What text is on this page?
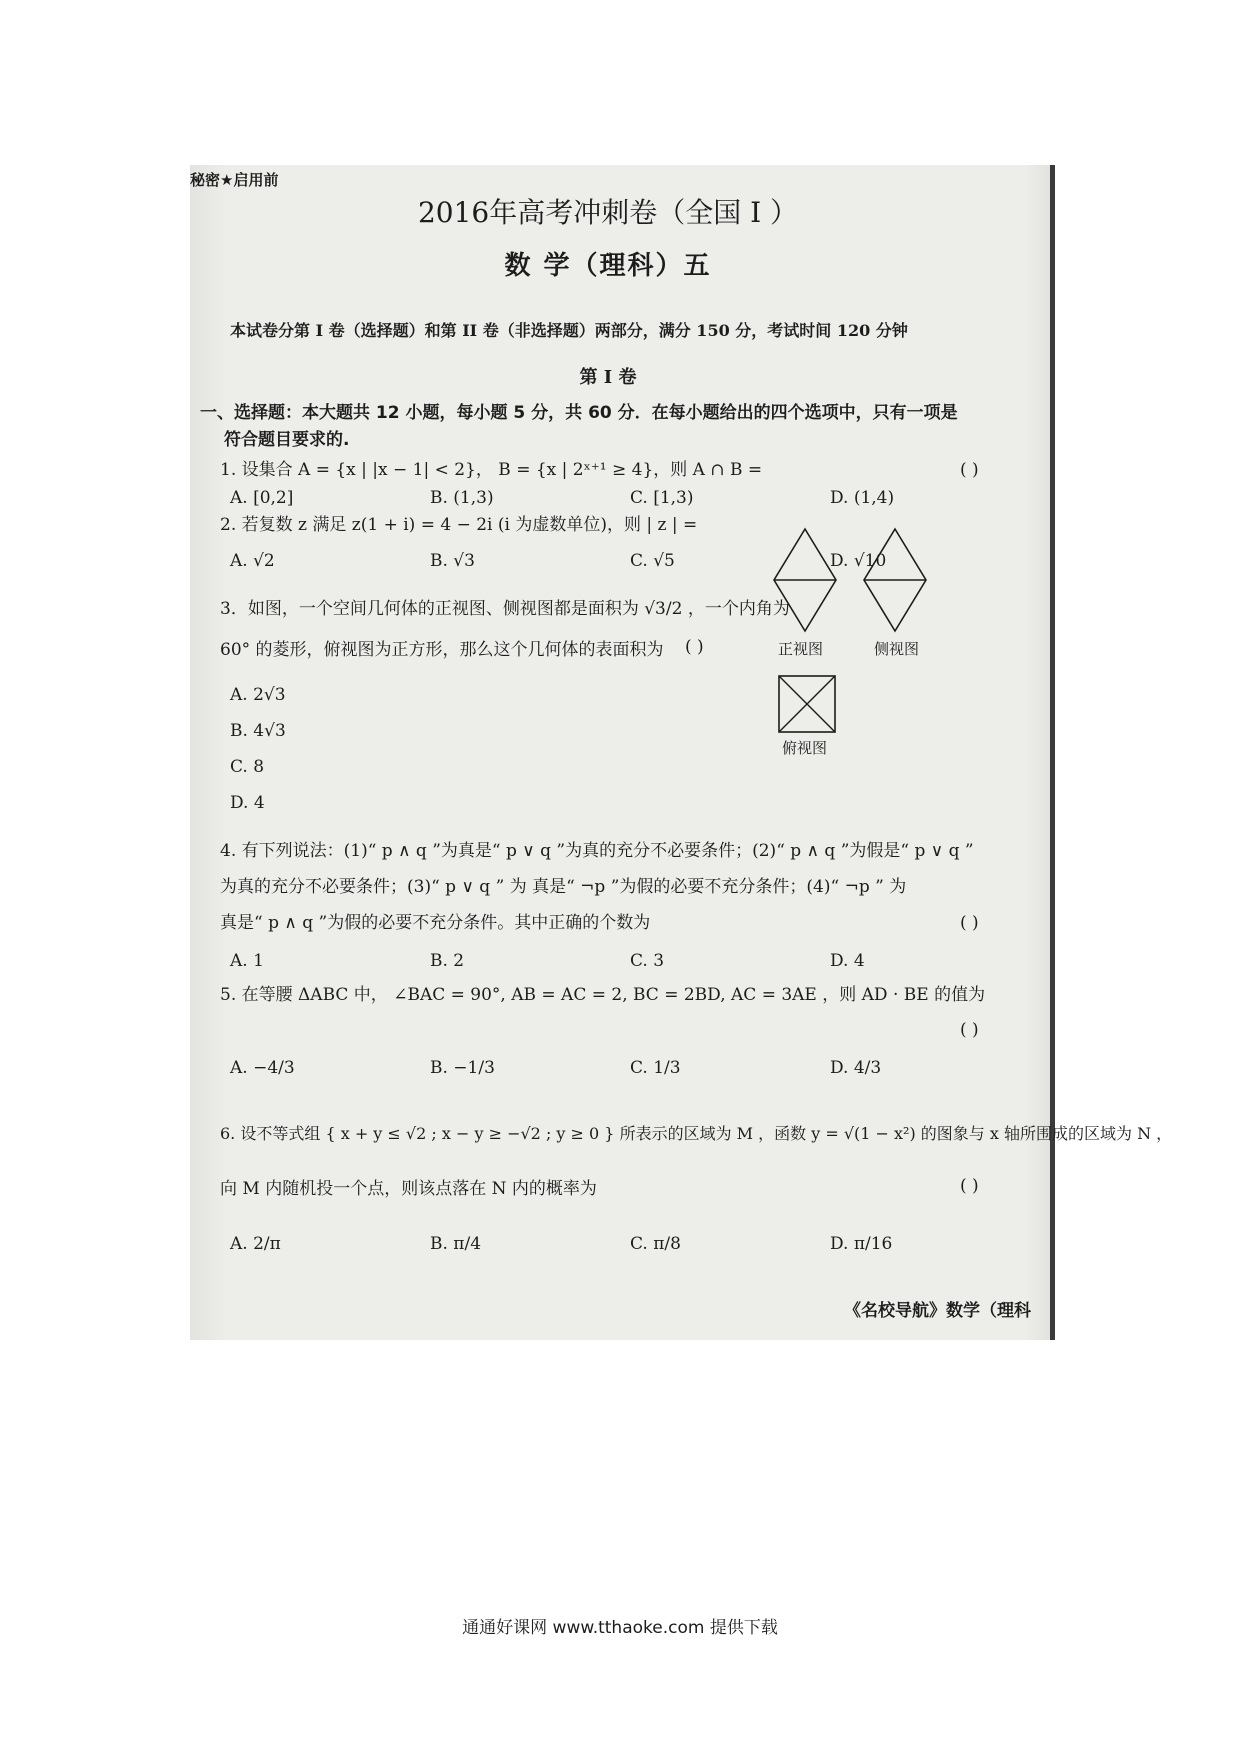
秘密★启用前
2016年高考冲刺卷（全国 I ）
数 学（理科）五
本试卷分第 I 卷（选择题）和第 II 卷（非选择题）两部分，满分 150 分，考试时间 120 分钟
第 I 卷
一、选择题：本大题共 12 小题，每小题 5 分，共 60 分．在每小题给出的四个选项中，只有一项是
符合题目要求的.
1. 设集合 A = {x | |x − 1| < 2}， B = {x | 2ˣ⁺¹ ≥ 4}，则 A ∩ B =	( )
A. [0,2]	B. (1,3)	C. [1,3)	D. (1,4)
2. 若复数 z 满足 z(1 + i) = 4 − 2i (i 为虚数单位)，则 | z | =
A. √2	B. √3	C. √5	D. √10
3．如图，一个空间几何体的正视图、侧视图都是面积为 √3/2 ，一个内角为
60° 的菱形，俯视图为正方形，那么这个几何体的表面积为 ( )
A. 2√3
B. 4√3
C. 8
D. 4
正视图	侧视图
俯视图
4. 有下列说法：(1)“ p ∧ q ”为真是“ p ∨ q ”为真的充分不必要条件；(2)“ p ∧ q ”为假是“ p ∨ q ”
为真的充分不必要条件；(3)“ p ∨ q ” 为 真是“ ¬p ”为假的必要不充分条件；(4)“ ¬p ” 为
真是“ p ∧ q ”为假的必要不充分条件。其中正确的个数为	( )
A. 1	B. 2	C. 3	D. 4
5. 在等腰 ΔABC 中， ∠BAC = 90°, AB = AC = 2, BC = 2BD, AC = 3AE ，则 AD · BE 的值为
( )
A. −4/3	B. −1/3	C. 1/3	D. 4/3
6. 设不等式组 { x + y ≤ √2 ; x − y ≥ −√2 ; y ≥ 0 } 所表示的区域为 M ，函数 y = √(1 − x²) 的图象与 x 轴所围成的区域为 N ，
向 M 内随机投一个点，则该点落在 N 内的概率为	( )
A. 2/π	B. π/4	C. π/8	D. π/16
《名校导航》数学（理科
通通好课网 www.tthaoke.com 提供下载
